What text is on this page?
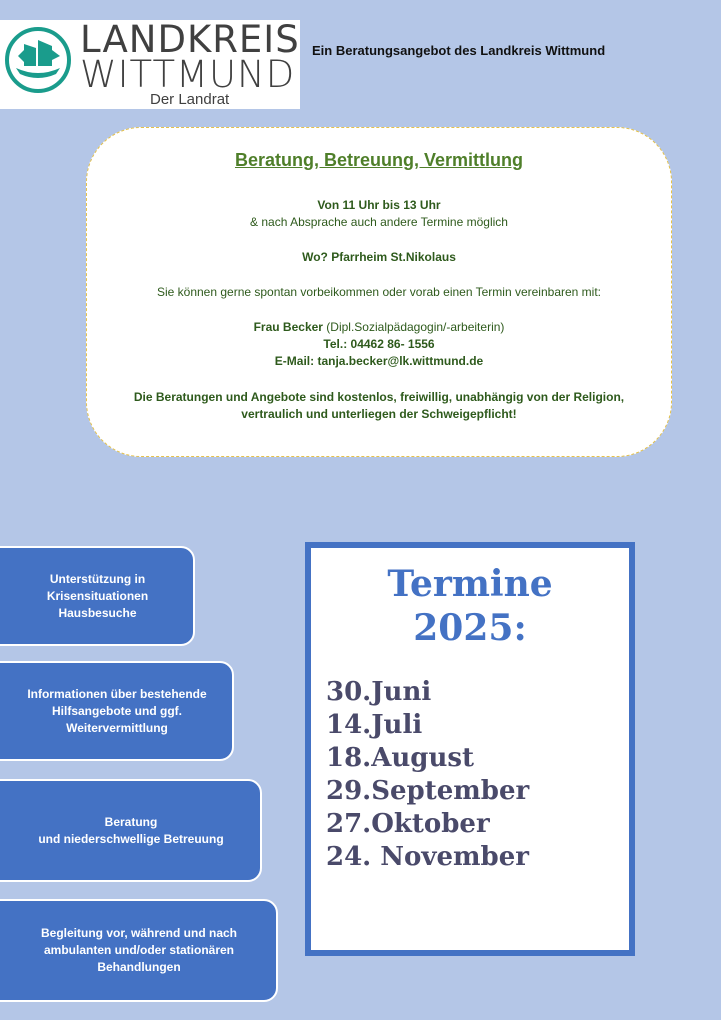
LANDKREIS
WITTMUND
Der Landrat
Ein Beratungsangebot des Landkreis Wittmund
Beratung, Betreuung, Vermittlung
Von 11 Uhr bis 13 Uhr
& nach Absprache auch andere Termine möglich
Wo? Pfarrheim St.Nikolaus
Sie können gerne spontan vorbeikommen oder vorab einen Termin vereinbaren mit:
Frau Becker (Dipl.Sozialpädagogin/-arbeiterin)
Tel.: 04462 86- 1556
E-Mail: tanja.becker@lk.wittmund.de
Die Beratungen und Angebote sind kostenlos, freiwillig, unabhängig von der Religion,
vertraulich und unterliegen der Schweigepflicht!
Unterstützung in
Krisensituationen
Hausbesuche
Informationen über bestehende
Hilfsangebote und ggf.
Weitervermittlung
Beratung
und niederschwellige Betreuung
Begleitung vor, während und nach
ambulanten und/oder stationären
Behandlungen
Termine
2025:
30.Juni
14.Juli
18.August
29.September
27.Oktober
24. November
